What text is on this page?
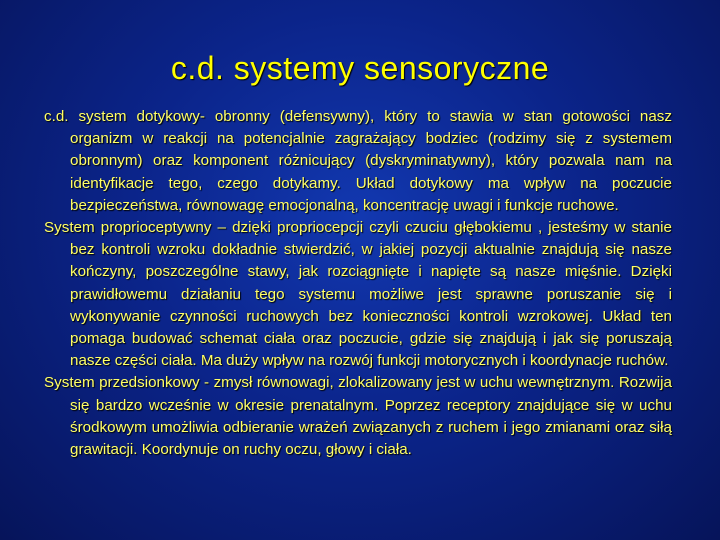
c.d. systemy sensoryczne

c.d. system dotykowy- obronny (defensywny), który to stawia w stan gotowości nasz organizm w reakcji na potencjalnie zagrażający bodziec (rodzimy się z systemem obronnym) oraz komponent różnicujący (dyskryminatywny), który pozwala nam na identyfikacje tego, czego dotykamy. Układ dotykowy ma wpływ na poczucie bezpieczeństwa, równowagę emocjonalną, koncentrację uwagi i funkcje ruchowe.

System proprioceptywny – dzięki propriocepcji czyli czuciu głębokiemu , jesteśmy w stanie bez kontroli wzroku dokładnie stwierdzić, w jakiej pozycji aktualnie znajdują się nasze kończyny, poszczególne stawy, jak rozciągnięte i napięte są nasze mięśnie. Dzięki prawidłowemu działaniu tego systemu możliwe jest sprawne poruszanie się i wykonywanie czynności ruchowych bez konieczności kontroli wzrokowej. Układ ten pomaga budować schemat ciała oraz poczucie, gdzie się znajdują i jak się poruszają nasze części ciała. Ma duży wpływ na rozwój funkcji motorycznych i koordynacje ruchów.

System przedsionkowy - zmysł równowagi, zlokalizowany jest w uchu wewnętrznym. Rozwija się bardzo wcześnie w okresie prenatalnym. Poprzez receptory znajdujące się w uchu środkowym umożliwia odbieranie wrażeń związanych z ruchem i jego zmianami oraz siłą grawitacji. Koordynuje on ruchy oczu, głowy i ciała.
